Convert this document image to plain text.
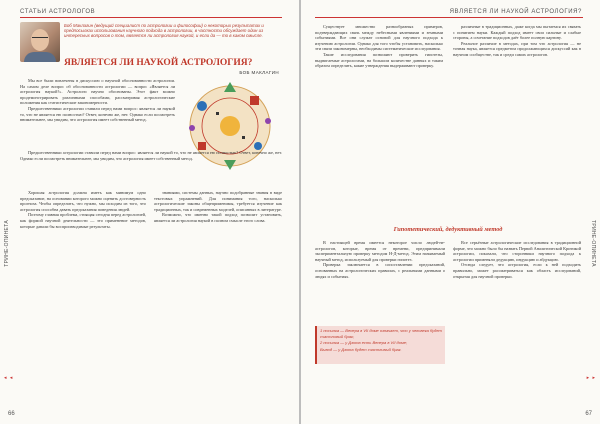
СТАТЬИ АСТРОЛОГОВ
Боб Маклагин (ведущий специалист по астрологии и философии) о некоторых результатах и предпосылках использования научного подхода в астрологии, в частности обсуждает один из интересных вопросов о том, является ли астрология наукой, и если да — то в каком смысле.
ЯВЛЯЕТСЯ ЛИ НАУКОЙ АСТРОЛОГИЯ?
БОБ МАКЛАГИН

Мы все были вовлечены в дискуссию о научной обоснованности астрологии. На самом деле вопрос об обоснованности астрологии — вопрос «Является ли астрология наукой?». Астрологи научно обоснованы. Этот факт можно продемонстрировать различными способами, рассматривая астрологические положения как статистические закономерности.

Предшественники астрологии ставили перед нами вопрос: является ли наукой то, что не является ею полностью? Ответ, конечно же, нет. Однако если посмотреть внимательнее, мы увидим, что астрология имеет собственный метод.

Предшественники астрологии ставили перед нами вопрос: является ли наукой то, что не является ею полностью? Ответ, конечно же, нет. Однако если посмотреть внимательнее, мы увидим, что астрология имеет собственный метод.

Хорошая астрология должна иметь как минимум одно предсказание, на основании которого можно оценить достоверность прогноза. Чтобы определить, что нужно, мы исходим из того, что астрология способна давать предсказания поведения людей.

Поэтому главная проблема, стоящая сегодня перед астрологией, как формой научной деятельности — это применение методов, которые давали бы воспроизводимые результаты.

знаниями, системы данных, научно подобранные знания в виде текстовых упражнений. Для понимания того, насколько астрологические законы общеприменимы, требуется изучение как традиционных, так и современных моделей, описанных в литературе.

Возможно, что именно такой подход позволит установить, является ли астрология наукой в полном смысле этого слова.

◂ ◂
ТРИНЕ-ОПИНЕТА
66
ЯВЛЯЕТСЯ ЛИ НАУКОЙ АСТРОЛОГИЯ?

Существует множество разнообразных примеров, подтверждающих связь между небесными явлениями и земными событиями. Все они служат основой для научного подхода к изучению астрологии. Однако для того чтобы установить, насколько эти связи закономерны, необходимы систематические исследования.

Такие исследования позволяют проверить гипотезы, выдвигаемые астрологами, на большом количестве данных и таким образом определить, какие утверждения выдерживают проверку.

различные в традиционных, даже когда мы пытаемся их связать с понятием науки. Каждый подход имеет свои сильные и слабые стороны, а сочетание подходов даёт более полную картину.

Реальное различие в методах, при том что астрология — не точная наука, является предметом продолжающихся дискуссий как в научном сообществе, так и среди самих астрологов.

Гипотетический, дедуктивный метод

В настоящей время имеется некоторое число людей-не-астрологов, которые, время от времени, предпринимали экспериментальную проверку методом Н-Д-метод. Этим называемый научный метод, используемый для проверки гипотез.

Проверка заключается в сопоставлении предсказаний, основанных на астрологических правилах, с реальными данными о людях и событиях.

1 посылка — Венера в VII доме означает, что у человека будет счастливый брак;
2 посылка — у Джона есть Венера в VII доме;
Вывод — у Джона будет счастливый брак.

Все серьёзные астрологические исследования в традиционной форме, что можно было бы назвать Первой Аналитической Критикой астрологии, показали, что сторонники научного подхода к астрологии применяли дедукцию, индукцию и абдукцию.

Отсюда следует, что астрология, если к ней подходить правильно, может рассматриваться как область исследований, открытая для научной проверки.

▸ ▸
ТРИНЕ-ОПИНЕТА
67
